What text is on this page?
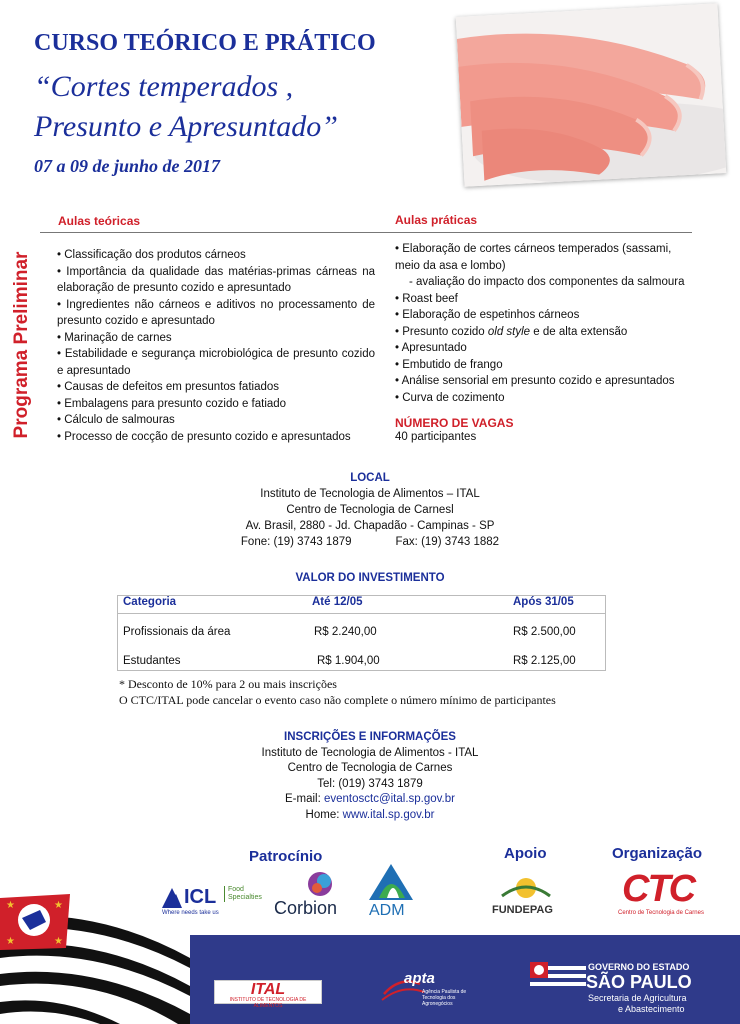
CURSO TEÓRICO E PRÁTICO
“Cortes temperados ,
Presunto e Apresuntado”
07 a 09 de junho de 2017
Programa Preliminar
Aulas teóricas
• Classificação dos produtos cárneos
• Importância da qualidade das matérias-primas cárneas na elaboração de presunto cozido e apresuntado
• Ingredientes não cárneos e aditivos no processamento de presunto cozido e apresuntado
• Marinação de carnes
• Estabilidade e segurança microbiológica de presunto cozido e apresuntado
• Causas de defeitos em presuntos fatiados
• Embalagens para presunto cozido e fatiado
• Cálculo de salmouras
• Processo de cocção de presunto cozido e apresuntados
Aulas práticas
• Elaboração de cortes cárneos temperados (sassami, meio da asa e lombo)
- avaliação do impacto dos componentes da salmoura
• Roast beef
• Elaboração de espetinhos cárneos
• Presunto cozido old style e de alta extensão
• Apresuntado
• Embutido de frango
• Análise sensorial em presunto cozido e apresuntados
• Curva de cozimento
NÚMERO DE VAGAS
40 participantes
LOCAL
Instituto de Tecnologia de Alimentos – ITAL
Centro de Tecnologia de Carnesl
Av. Brasil, 2880 - Jd. Chapadão - Campinas - SP
Fone: (19) 3743 1879	Fax: (19) 3743 1882
VALOR DO INVESTIMENTO
Categoria	Até 12/05	Após 31/05
Profissionais da área	R$ 2.240,00	R$ 2.500,00
Estudantes	R$ 1.904,00	R$ 2.125,00
* Desconto de 10% para 2 ou mais inscrições
O CTC/ITAL pode cancelar o evento caso não complete o número mínimo de participantes
INSCRIÇÕES E INFORMAÇÕES
Instituto de Tecnologia de Alimentos - ITAL
Centro de Tecnologia de Carnes
Tel: (019) 3743 1879
E-mail: eventosctc@ital.sp.gov.br
Home: www.ital.sp.gov.br
Patrocínio	Apoio	Organização
ICL	Food Specialties
Where needs take us	Corbion ADM	FUNDEPAG CTC
Centro de Tecnologia de Carnes
★	★
★	★
ITAL
INSTITUTO DE TECNOLOGIA DE ALIMENTOS
apta
Agência Paulista de Tecnologia dos Agronegócios
GOVERNO DO ESTADO
SÃO PAULO
Secretaria de Agricultura
e Abastecimento
